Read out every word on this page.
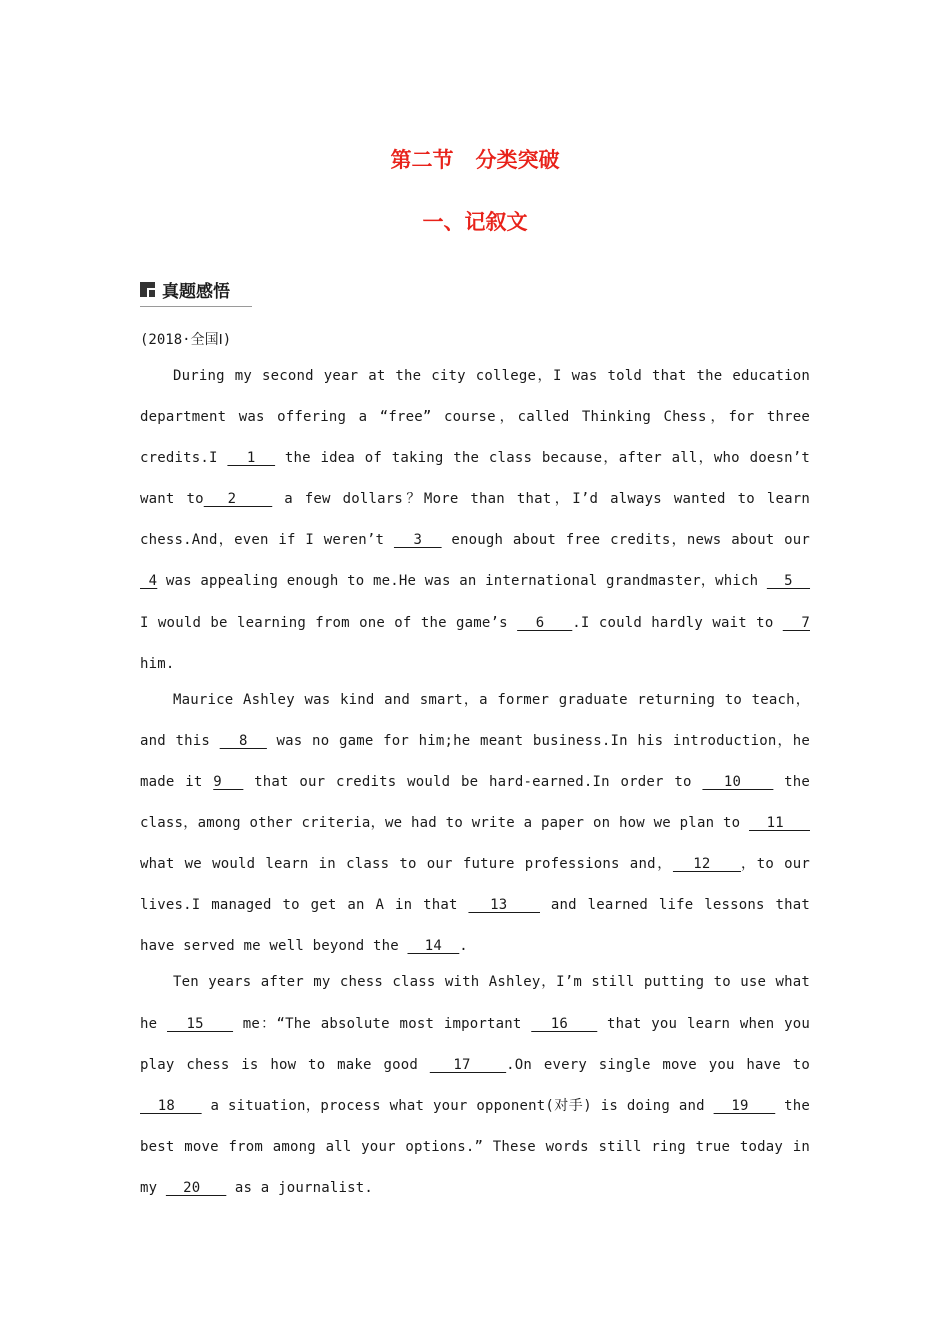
第二节 分类突破
一、记叙文
真题感悟
(2018·全国Ⅰ)

During my second year at the city college，I was told that the education department was offering a “free” course，called Thinking Chess，for three credits.I   1   the idea of taking the class because，after all，who doesn’t want to  2    a few dollars？More than that，I’d always wanted to learn chess.And，even if I weren’t   3   enough about free credits，news about our  4 was appealing enough to me.He was an international grandmaster，which   5   I would be learning from one of the game’s   6   .I could hardly wait to   7 him.

Maurice Ashley was kind and smart，a former graduate returning to teach，and this   8   was no game for him;he meant business.In his introduction，he made it 9   that our credits would be hard-earned.In order to   10    the class，among other criteria，we had to write a paper on how we plan to   11    what we would learn in class to our future professions and，  12   ，to our lives.I managed to get an A in that   13    and learned life lessons that have served me well beyond the   14  .

Ten years after my chess class with Ashley，I’m still putting to use what he   15    me：“The absolute most important   16    that you learn when you play chess is how to make good   17   .On every single move you have to   18    a situation，process what your opponent(对手) is doing and   19    the best move from among all your options.” These words still ring true today in my   20    as a journalist.
